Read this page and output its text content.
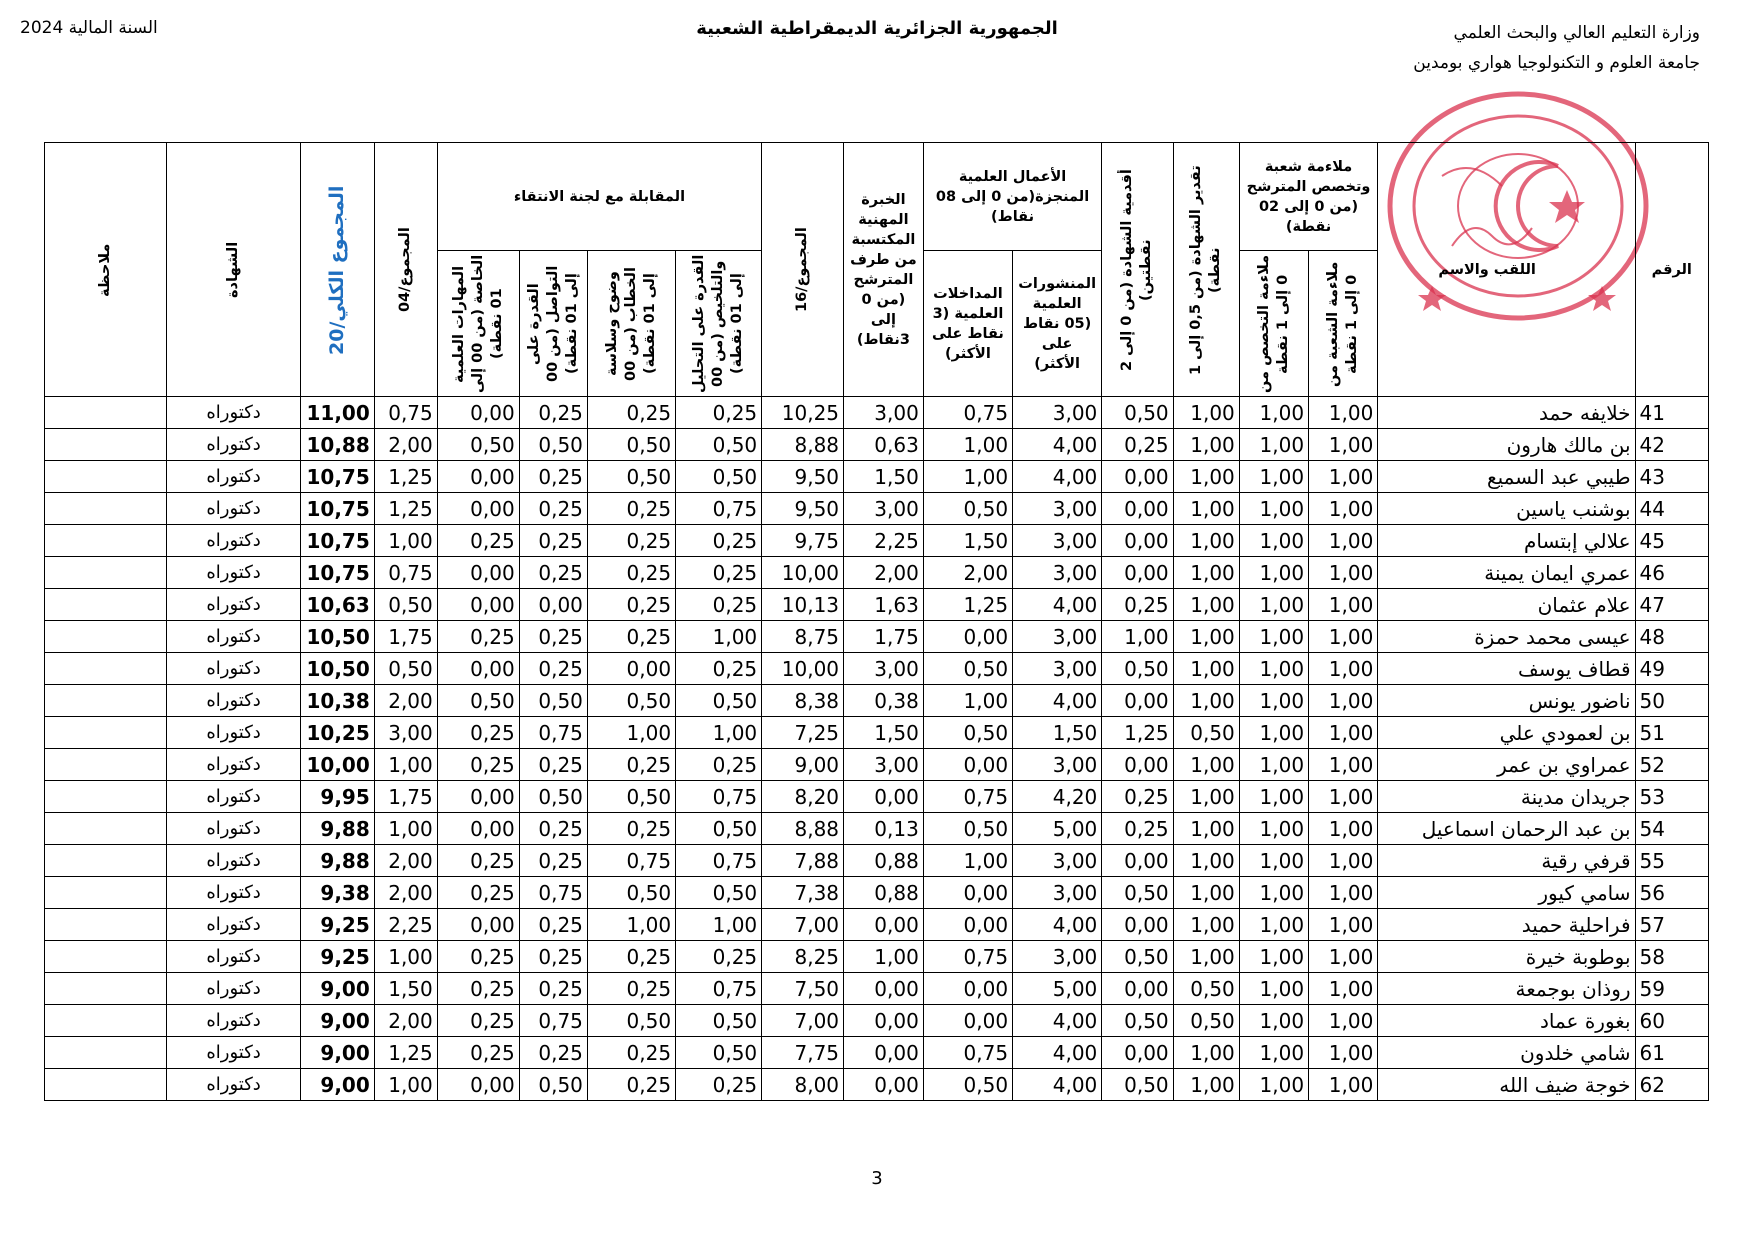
وزارة التعليم العالي والبحث العلمي
جامعة العلوم و التكنولوجيا هواري بومدين
الجمهورية الجزائرية الديمقراطية الشعبية
السنة المالية 2024
الرقم	اللقب والاسم	ملاءمة شعبة وتخصص المترشح (من 0 إلى 02 نقطة)		تقدير الشهادة (من 0,5 إلى 1 نقطة)	أقدمية الشهادة (من 0 إلى 2 نقطتين)	الأعمال العلمية المنجزة(من 0 إلى 08 نقاط)		الخبرة المهنية المكتسبة من طرف المترشح (من 0 إلى 3نقاط)	المجموع/16	المقابلة مع لجنة الانتقاء				المجموع/04	المجموع الكلي/20	الشهادة	ملاحظة

		ملاءمة الشعبة من 0 إلى 1 نقطة	ملاءمة التخصص من 0 إلى 1 نقطة			المنشورات العلمية (05 نقاط على الأكثر)	المداخلات العلمية (3 نقاط على الأكثر)			القدرة على التحليل والتلخيص (من 00 إلى 01 نقطة)	وضوح وسلاسة الخطاب (من 00 إلى 01 نقطة)	القدرة على التواصل (من 00 إلى 01 نقطة)	المهارات العلمية الخاصة (من 00 إلى 01 نقطة)				

41	خلايفه حمد	1,00	1,00	1,00	0,50	3,00	0,75	3,00	10,25	0,25	0,25	0,25	0,00	0,75	11,00	دكتوراه	
42	بن مالك هارون	1,00	1,00	1,00	0,25	4,00	1,00	0,63	8,88	0,50	0,50	0,50	0,50	2,00	10,88	دكتوراه	
43	طيبي عبد السميع	1,00	1,00	1,00	0,00	4,00	1,00	1,50	9,50	0,50	0,50	0,25	0,00	1,25	10,75	دكتوراه	
44	بوشنب ياسين	1,00	1,00	1,00	0,00	3,00	0,50	3,00	9,50	0,75	0,25	0,25	0,00	1,25	10,75	دكتوراه	
45	علالي إبتسام	1,00	1,00	1,00	0,00	3,00	1,50	2,25	9,75	0,25	0,25	0,25	0,25	1,00	10,75	دكتوراه	
46	عمري ايمان يمينة	1,00	1,00	1,00	0,00	3,00	2,00	2,00	10,00	0,25	0,25	0,25	0,00	0,75	10,75	دكتوراه	
47	علام عثمان	1,00	1,00	1,00	0,25	4,00	1,25	1,63	10,13	0,25	0,25	0,00	0,00	0,50	10,63	دكتوراه	
48	عيسى محمد حمزة	1,00	1,00	1,00	1,00	3,00	0,00	1,75	8,75	1,00	0,25	0,25	0,25	1,75	10,50	دكتوراه	
49	قطاف يوسف	1,00	1,00	1,00	0,50	3,00	0,50	3,00	10,00	0,25	0,00	0,25	0,00	0,50	10,50	دكتوراه	
50	ناضور يونس	1,00	1,00	1,00	0,00	4,00	1,00	0,38	8,38	0,50	0,50	0,50	0,50	2,00	10,38	دكتوراه	
51	بن لعمودي علي	1,00	1,00	0,50	1,25	1,50	0,50	1,50	7,25	1,00	1,00	0,75	0,25	3,00	10,25	دكتوراه	
52	عمراوي بن عمر	1,00	1,00	1,00	0,00	3,00	0,00	3,00	9,00	0,25	0,25	0,25	0,25	1,00	10,00	دكتوراه	
53	جريدان مدينة	1,00	1,00	1,00	0,25	4,20	0,75	0,00	8,20	0,75	0,50	0,50	0,00	1,75	9,95	دكتوراه	
54	بن عبد الرحمان اسماعيل	1,00	1,00	1,00	0,25	5,00	0,50	0,13	8,88	0,50	0,25	0,25	0,00	1,00	9,88	دكتوراه	
55	قرفي رقية	1,00	1,00	1,00	0,00	3,00	1,00	0,88	7,88	0,75	0,75	0,25	0,25	2,00	9,88	دكتوراه	
56	سامي كيور	1,00	1,00	1,00	0,50	3,00	0,00	0,88	7,38	0,50	0,50	0,75	0,25	2,00	9,38	دكتوراه	
57	فراحلية حميد	1,00	1,00	1,00	0,00	4,00	0,00	0,00	7,00	1,00	1,00	0,25	0,00	2,25	9,25	دكتوراه	
58	بوطوبة خيرة	1,00	1,00	1,00	0,50	3,00	0,75	1,00	8,25	0,25	0,25	0,25	0,25	1,00	9,25	دكتوراه	
59	روذان بوجمعة	1,00	1,00	0,50	0,00	5,00	0,00	0,00	7,50	0,75	0,25	0,25	0,25	1,50	9,00	دكتوراه	
60	بغورة عماد	1,00	1,00	0,50	0,50	4,00	0,00	0,00	7,00	0,50	0,50	0,75	0,25	2,00	9,00	دكتوراه	
61	شامي خلدون	1,00	1,00	1,00	0,00	4,00	0,75	0,00	7,75	0,50	0,25	0,25	0,25	1,25	9,00	دكتوراه	
62	خوجة ضيف الله	1,00	1,00	1,00	0,50	4,00	0,50	0,00	8,00	0,25	0,25	0,50	0,00	1,00	9,00	دكتوراه	
3
